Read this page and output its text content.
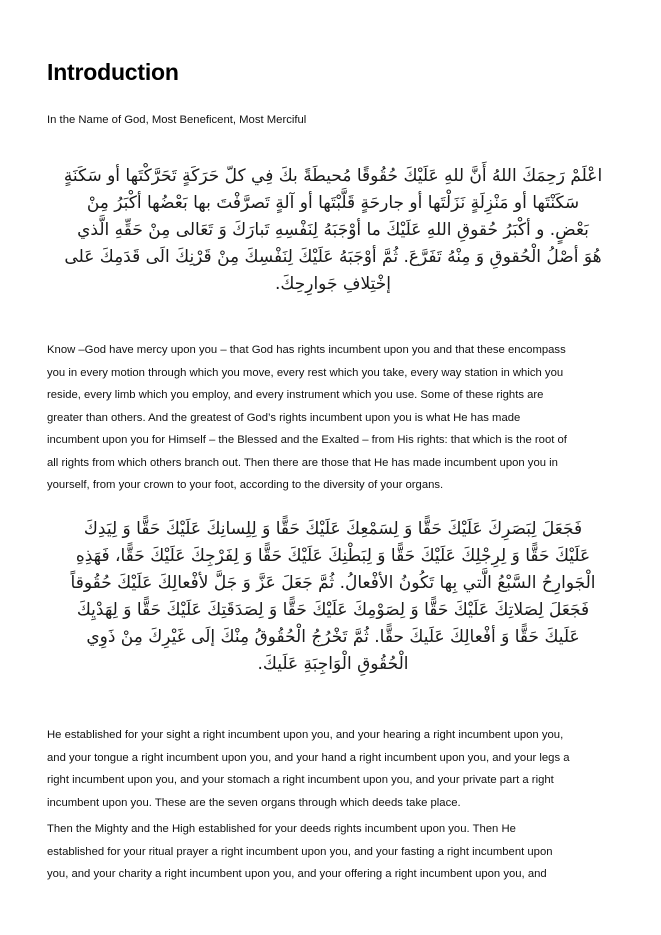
Introduction

In the Name of God, Most Beneficent, Most Merciful

اعْلَمْ رَحِمَكَ اللهُ أَنَّ للهِ عَلَيْكَ حُقُوقًا مُحيطَةً بكَ فِي كلّ حَرَكَةٍ تَحَرَّكْتَها أو سَكَنَةٍ
سَكَنْتَها أو مَنْزِلَةٍ نَزَلْتَها أو جارحَةٍ قَلَّبْتَها أو آلةٍ تَصرَّفْتَ بها بَعْضُها أكْبَرُ مِنْ
بَعْضٍ. و أكْبَرُ حُقوقِ اللهِ عَلَيْكَ ما أوْجَبَهُ لِنَفْسِهِ تَبارَكَ وَ تَعَالى مِنْ حَقِّهِ الَّذي
هُوَ أصْلُ الْحُقوقِ وَ مِنْهُ تَفَرَّعَ. ثُمَّ أوْجَبَهُ عَلَيْكَ لِنَفْسِكَ مِنْ قَرْنِكَ الَى قَدَمِكَ عَلى
إخْتِلافِ جَوارِحِكَ.

Know –God have mercy upon you – that God has rights incumbent upon you and that these encompass
you in every motion through which you move, every rest which you take, every way station in which you
reside, every limb which you employ, and every instrument which you use. Some of these rights are
greater than others. And the greatest of God’s rights incumbent upon you is what He has made
incumbent upon you for Himself – the Blessed and the Exalted – from His rights: that which is the root of
all rights from which others branch out. Then there are those that He has made incumbent upon you in
yourself, from your crown to your foot, according to the diversity of your organs.

فَجَعَلَ لِبَصَرِكَ عَلَيْكَ حَقًّا وَ لِسَمْعِكَ عَلَيْكَ حَقًّا وَ لِلِسانِكَ عَلَيْكَ حَقًّا وَ لِيَدِكَ
عَلَيْكَ حَقًّا وَ لِرِجْلِكَ عَلَيْكَ حَقًّا وَ لِبَطْنِكَ عَلَيْكَ حَقًّا وَ لِفَرْجِكَ عَلَيْكَ حَقًّا، فَهَذِهِ
الْجَوارِحُ السَّبْعُ الَّتي بِها تَكُونُ الأفْعالُ. ثُمَّ جَعَلَ عَزَّ وَ جَلَّ لأفْعالِكَ عَلَيْكَ حُقُوقاً
فَجَعَلَ لِصَلاتِكَ عَلَيْكَ حَقًّا وَ لِصَوْمِكَ عَلَيْكَ حَقًّا وَ لِصَدَقَتِكَ عَلَيْكَ حَقًّا وَ لِهَدْيِكَ
عَلَيكَ حَقًّا وَ أفْعالِكَ عَلَيكَ حقًّا. ثُمَّ تَخْرُجُ الْحُقُوقُ مِنْكَ إلَى غَيْرِكَ مِنْ ذَوِي
الْحُقُوقِ الْوَاجِبَةِ عَلَيكَ.

He established for your sight a right incumbent upon you, and your hearing a right incumbent upon you,
and your tongue a right incumbent upon you, and your hand a right incumbent upon you, and your legs a
right incumbent upon you, and your stomach a right incumbent upon you, and your private part a right
incumbent upon you. These are the seven organs through which deeds take place.

Then the Mighty and the High established for your deeds rights incumbent upon you. Then He
established for your ritual prayer a right incumbent upon you, and your fasting a right incumbent upon
you, and your charity a right incumbent upon you, and your offering a right incumbent upon you, and
